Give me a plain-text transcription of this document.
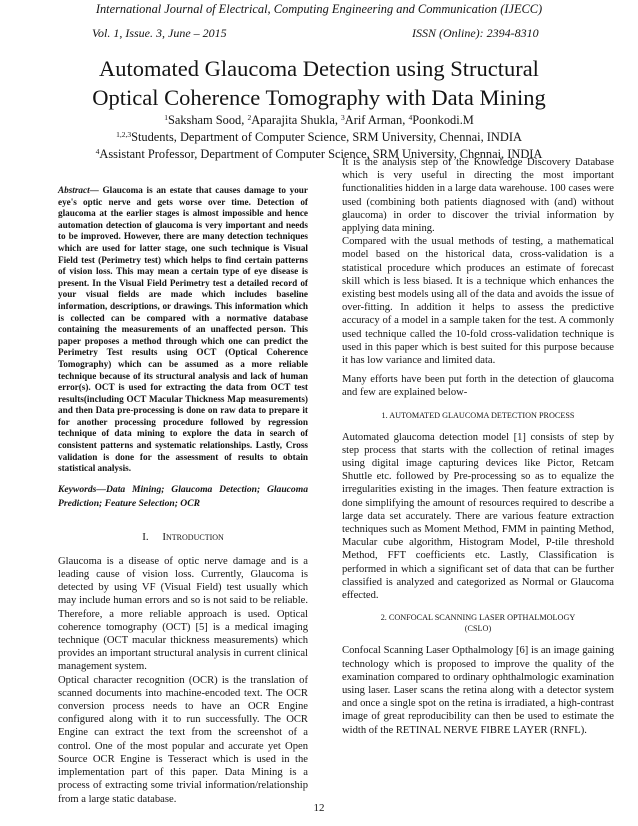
International Journal of Electrical, Computing Engineering and Communication (IJECC)
Vol. 1, Issue. 3, June – 2015	ISSN (Online): 2394-8310
Automated Glaucoma Detection using Structural
Optical Coherence Tomography with Data Mining
$^1$Saksham Sood, $^2$Aparajita Shukla, $^3$Arif Arman, $^4$Poonkodi.M
$^{1,2,3}$Students, Department of Computer Science, SRM University, Chennai, INDIA
$^4$Assistant Professor, Department of Computer Science, SRM University, Chennai, INDIA

Abstract— Glaucoma is an estate that causes damage to your eye's optic nerve and gets worse over time. Detection of glaucoma at the earlier stages is almost impossible and hence automation detection of glaucoma is very important and needs to be improved. However, there are many detection techniques which are used for latter stage, one such technique is Visual Field test (Perimetry test) which helps to find certain patterns of vision loss. This may mean a certain type of eye disease is present. In the Visual Field Perimetry test a detailed record of your visual fields are made which includes baseline information, descriptions, or drawings. This information which is collected can be compared with a normative database containing the measurements of an unaffected person. This paper proposes a method through which one can predict the Perimetry Test results using OCT (Optical Coherence Tomography) which can be assumed as a more reliable technique because of its structural analysis and lack of human error(s). OCT is used for extracting the data from OCT test results(including OCT Macular Thickness Map measurements) and then Data pre-processing is done on raw data to prepare it for another processing procedure followed by regression technique of data mining to explore the data in search of consistent patterns and systematic relationships. Lastly, Cross validation is done for the assessment of results to obtain statistical analysis.

Keywords—Data Mining; Glaucoma Detection; Glaucoma Prediction; Feature Selection; OCR

I. Introduction

Glaucoma is a disease of optic nerve damage and is a leading cause of vision loss. Currently, Glaucoma is detected by using VF (Visual Field) test usually which may include human errors and so is not said to be reliable. Therefore, a more reliable approach is used. Optical coherence tomography (OCT) [5] is a medical imaging technique (OCT macular thickness measurements) which provides an important structural analysis in current clinical management system.

Optical character recognition (OCR) is the translation of scanned documents into machine-encoded text. The OCR conversion process needs to have an OCR Engine configured along with it to run successfully. The OCR Engine can extract the text from the screenshot of a control. One of the most popular and accurate yet Open Source OCR Engine is Tesseract which is used in the implementation part of this paper. Data Mining is a process of extracting some trivial information/relationship from a large static database.

It is the analysis step of the Knowledge Discovery Database which is very useful in directing the most important functionalities hidden in a large data warehouse. 100 cases were used (combining both patients diagnosed with (and) without glaucoma) in order to discover the trivial information by applying data mining.

Compared with the usual methods of testing, a mathematical model based on the historical data, cross-validation is a statistical procedure which produces an estimate of forecast skill which is less biased. It is a technique which enhances the existing best models using all of the data and avoids the issue of over-fitting. In addition it helps to assess the predictive accuracy of a model in a sample taken for the test. A commonly used technique called the 10-fold cross-validation technique is used in this paper which is best suited for this purpose because it has low variance and limited data.

Many efforts have been put forth in the detection of glaucoma and few are explained below-

1. AUTOMATED GLAUCOMA DETECTION PROCESS

Automated glaucoma detection model [1] consists of step by step process that starts with the collection of retinal images using digital image capturing devices like Pictor, Retcam Shuttle etc. followed by Pre-processing so as to equalize the irregularities existing in the images. Then feature extraction is done simplifying the amount of resources required to describe a large data set accurately. There are various feature extraction techniques such as Moment Method, FMM in painting Method, Macular cube algorithm, Histogram Model, P-tile threshold Method, FFT coefficients etc. Lastly, Classification is performed in which a significant set of data that can be further classified is analyzed and categorized as Normal or Glaucoma effected.

2. CONFOCAL SCANNING LASER OPTHALMOLOGY
(CSLO)

Confocal Scanning Laser Opthalmology [6] is an image gaining technology which is proposed to improve the quality of the examination compared to ordinary ophthalmologic examination using laser. Laser scans the retina along with a detector system and once a single spot on the retina is irradiated, a high-contrast image of great reproducibility can then be used to estimate the width of the RETINAL NERVE FIBRE LAYER (RNFL).

12
